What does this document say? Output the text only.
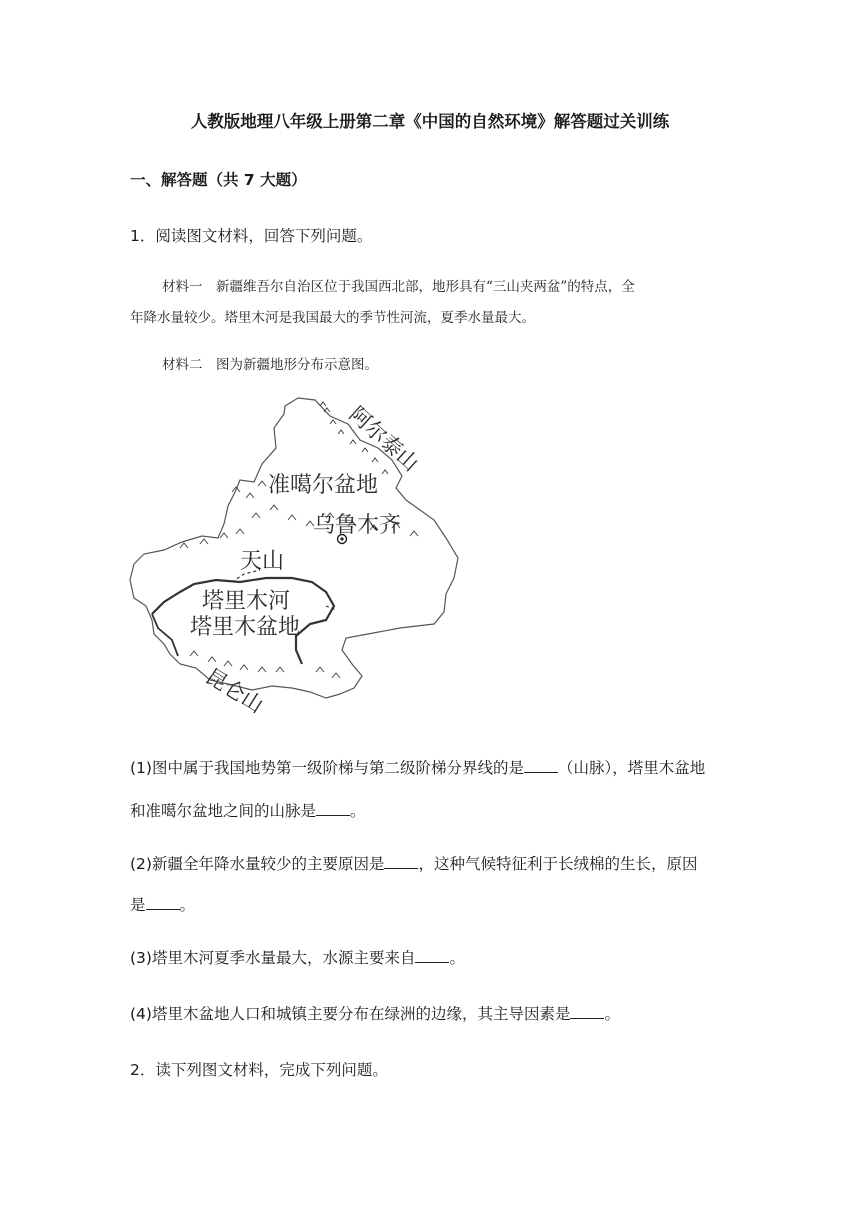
人教版地理八年级上册第二章《中国的自然环境》解答题过关训练
一、解答题（共 7 大题）
1．阅读图文材料，回答下列问题。
材料一　新疆维吾尔自治区位于我国西北部，地形具有“三山夹两盆”的特点，全
年降水量较少。塔里木河是我国最大的季节性河流，夏季水量最大。
材料二　图为新疆地形分布示意图。
阿尔泰山
准噶尔盆地
乌鲁木齐
天山
塔里木河
塔里木盆地
昆仑山
(1)图中属于我国地势第一级阶梯与第二级阶梯分界线的是 （山脉），塔里木盆地
和准噶尔盆地之间的山脉是 。
(2)新疆全年降水量较少的主要原因是 ，这种气候特征利于长绒棉的生长，原因
是 。
(3)塔里木河夏季水量最大，水源主要来自 。
(4)塔里木盆地人口和城镇主要分布在绿洲的边缘，其主导因素是 。
2．读下列图文材料，完成下列问题。
